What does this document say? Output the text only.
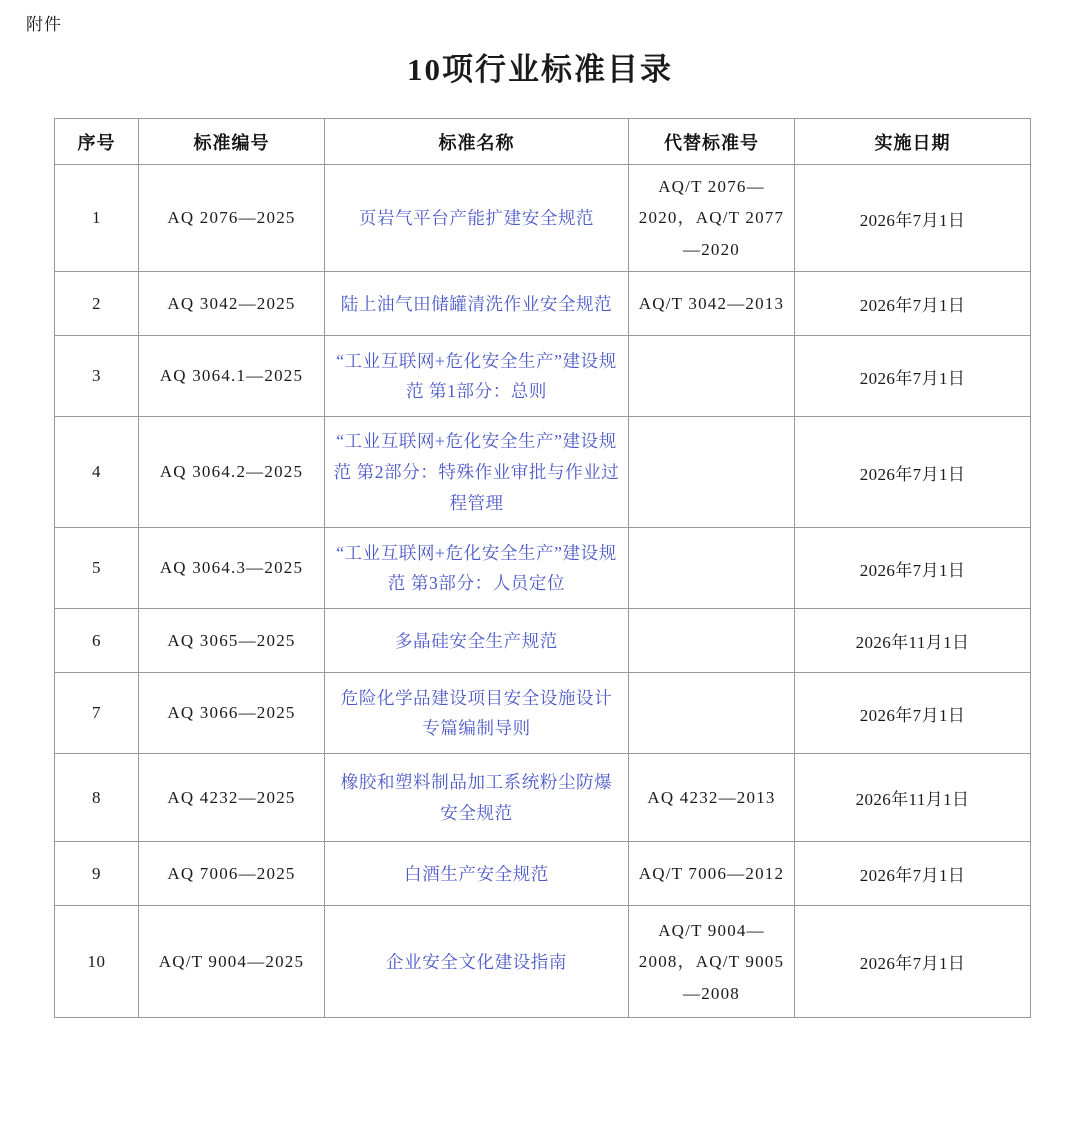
附件
10项行业标准目录
序号	标准编号	标准名称	代替标准号	实施日期
1	AQ 2076—2025	页岩气平台产能扩建安全规范	AQ/T 2076—2020，AQ/T 2077—2020	2026年7月1日
2	AQ 3042—2025	陆上油气田储罐清洗作业安全规范	AQ/T 3042—2013	2026年7月1日
3	AQ 3064.1—2025	“工业互联网+危化安全生产”建设规范 第1部分：总则		2026年7月1日
4	AQ 3064.2—2025	“工业互联网+危化安全生产”建设规范 第2部分：特殊作业审批与作业过程管理		2026年7月1日
5	AQ 3064.3—2025	“工业互联网+危化安全生产”建设规范 第3部分：人员定位		2026年7月1日
6	AQ 3065—2025	多晶硅安全生产规范		2026年11月1日
7	AQ 3066—2025	危险化学品建设项目安全设施设计专篇编制导则		2026年7月1日
8	AQ 4232—2025	橡胶和塑料制品加工系统粉尘防爆安全规范	AQ 4232—2013	2026年11月1日
9	AQ 7006—2025	白酒生产安全规范	AQ/T 7006—2012	2026年7月1日
10	AQ/T 9004—2025	企业安全文化建设指南	AQ/T 9004—2008，AQ/T 9005—2008	2026年7月1日
